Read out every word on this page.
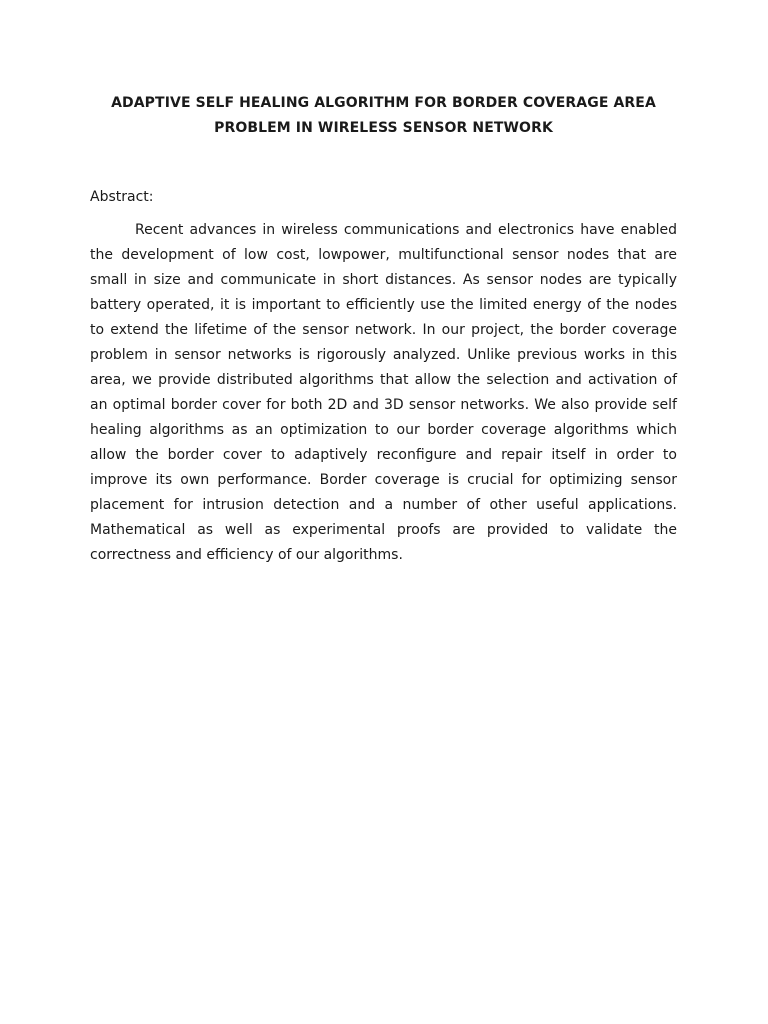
ADAPTIVE SELF HEALING ALGORITHM FOR BORDER COVERAGE AREA
PROBLEM IN WIRELESS SENSOR NETWORK

Abstract:

Recent advances in wireless communications and electronics have enabled the development of low cost, lowpower, multifunctional sensor nodes that are small in size and communicate in short distances. As sensor nodes are typically battery operated, it is important to efficiently use the limited energy of the nodes to extend the lifetime of the sensor network. In our project, the border coverage problem in sensor networks is rigorously analyzed. Unlike previous works in this area, we provide distributed algorithms that allow the selection and activation of an optimal border cover for both 2D and 3D sensor networks. We also provide self healing algorithms as an optimization to our border coverage algorithms which allow the border cover to adaptively reconfigure and repair itself in order to improve its own performance. Border coverage is crucial for optimizing sensor placement for intrusion detection and a number of other useful applications. Mathematical as well as experimental proofs are provided to validate the correctness and efficiency of our algorithms.
